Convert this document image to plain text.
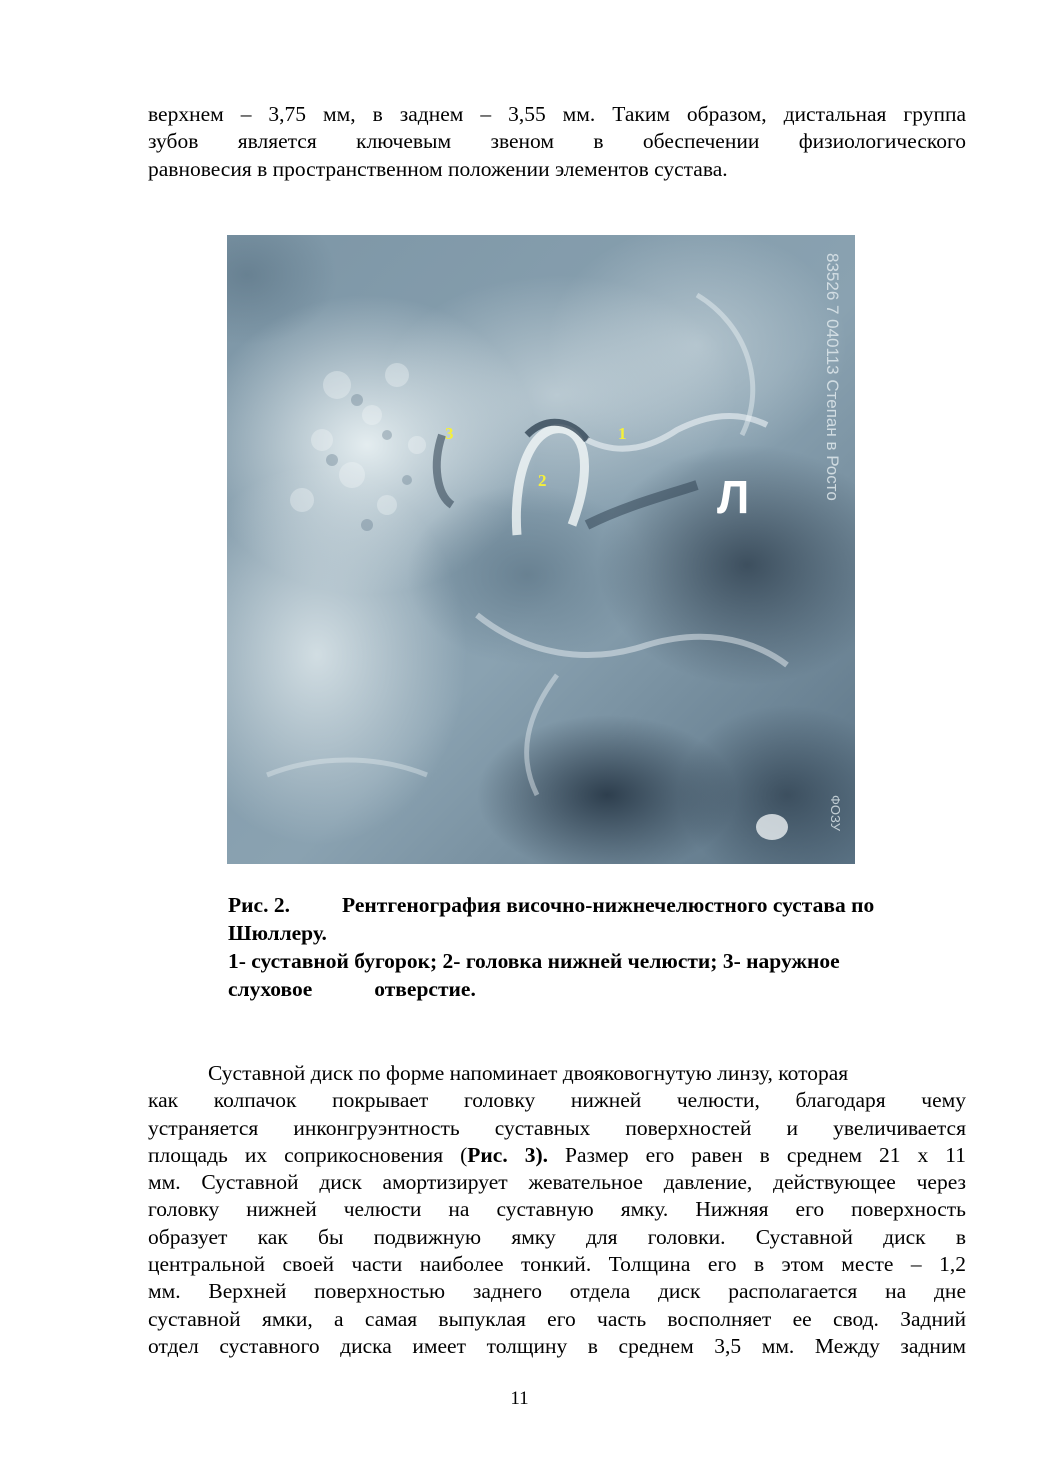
верхнем – 3,75 мм, в заднем – 3,55 мм. Таким образом, дистальная группа
зубов является ключевым звеном в обеспечении физиологического
равновесия в пространственном положении элементов сустава.
Л	83526 7 040113 Степан в Росто
ФОЗУ
1
2
3
Рис. 2. Рентгенография височно-нижнечелюстного сустава по
Шюллеру.
1- суставной бугорок; 2- головка нижней челюсти; 3- наружное
слуховое	отверстие.
Суставной диск по форме напоминает двояковогнутую линзу, которая
как колпачок покрывает головку нижней челюсти, благодаря чему
устраняется инконгруэнтность суставных поверхностей и увеличивается
площадь их соприкосновения (Рис. 3). Размер его равен в среднем 21 х 11
мм. Суставной диск амортизирует жевательное давление, действующее через
головку нижней челюсти на суставную ямку. Нижняя его поверхность
образует как бы подвижную ямку для головки. Суставной диск в
центральной своей части наиболее тонкий. Толщина его в этом месте – 1,2
мм. Верхней поверхностью заднего отдела диск располагается на дне
суставной ямки, а самая выпуклая его часть восполняет ее свод. Задний
отдел суставного диска имеет толщину в среднем 3,5 мм. Между задним
11
